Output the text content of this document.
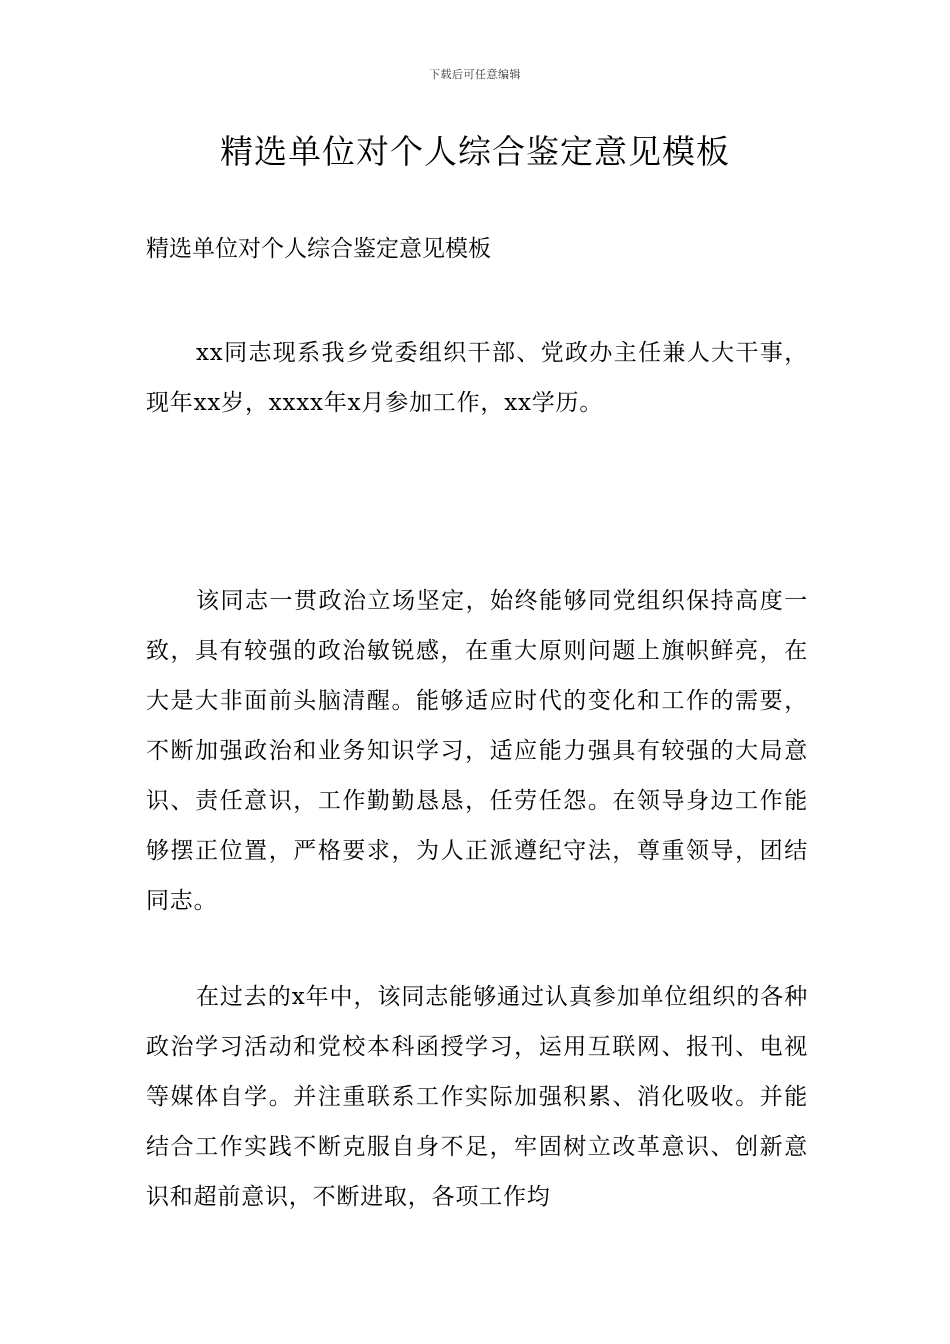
下载后可任意编辑
精选单位对个人综合鉴定意见模板

精选单位对个人综合鉴定意见模板

xx同志现系我乡党委组织干部、党政办主任兼人大干事，现年xx岁，xxxx年x月参加工作，xx学历。

该同志一贯政治立场坚定，始终能够同党组织保持高度一致，具有较强的政治敏锐感，在重大原则问题上旗帜鲜亮，在大是大非面前头脑清醒。能够适应时代的变化和工作的需要，不断加强政治和业务知识学习，适应能力强具有较强的大局意识、责任意识，工作勤勤恳恳，任劳任怨。在领导身边工作能够摆正位置，严格要求，为人正派遵纪守法，尊重领导，团结同志。

在过去的x年中，该同志能够通过认真参加单位组织的各种政治学习活动和党校本科函授学习，运用互联网、报刊、电视等媒体自学。并注重联系工作实际加强积累、消化吸收。并能结合工作实践不断克服自身不足，牢固树立改革意识、创新意识和超前意识，不断进取，各项工作均
